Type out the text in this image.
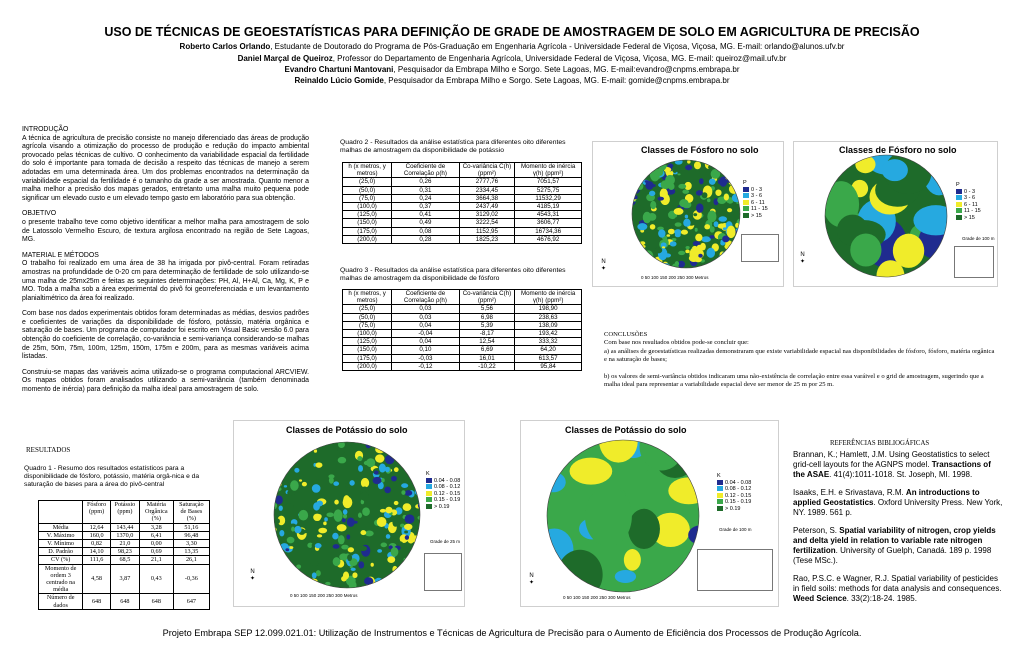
USO DE TÉCNICAS DE GEOESTATÍSTICAS PARA DEFINIÇÃO DE GRADE DE AMOSTRAGEM DE SOLO EM AGRICULTURA DE PRECISÃO
Roberto Carlos Orlando, Estudante de Doutorado do Programa de Pós-Graduação em Engenharia Agrícola - Universidade Federal de Viçosa, Viçosa, MG. E-mail: orlando@alunos.ufv.br
Daniel Marçal de Queiroz, Professor do Departamento de Engenharia Agrícola, Universidade Federal de Viçosa, Viçosa, MG. E-mail: queiroz@mail.ufv.br
Evandro Chartuni Mantovani, Pesquisador da Embrapa Milho e Sorgo. Sete Lagoas, MG. E-mail:evandro@cnpms.embrapa.br
Reinaldo Lúcio Gomide, Pesquisador da Embrapa Milho e Sorgo. Sete Lagoas, MG. E-mail: gomide@cnpms.embrapa.br

INTRODUÇÃO

A técnica de agricultura de precisão consiste no manejo diferenciado das áreas de produção agrícola visando a otimização do processo de produção e redução do impacto ambiental provocado pelas técnicas de cultivo. O conhecimento da variabilidade espacial da fertilidade do solo é importante para tomada de decisão a respeito das técnicas de manejo a serem adotadas em uma determinada área. Um dos problemas encontrados na determinação da variabilidade espacial da fertilidade é o tamanho da grade a ser amostrada. Quanto menor a malha melhor a precisão dos mapas gerados, entretanto uma malha muito pequena pode significar um elevado custo e um elevado tempo gasto em laboratório para sua obtenção.

OBJETIVO

o presente trabalho teve como objetivo identificar a melhor malha para amostragem de solo de Latossolo Vermelho Escuro, de textura argilosa encontrado na região de Sete Lagoas, MG.

MATERIAL E MÉTODOS

O trabalho foi realizado em uma área de 38 ha irrigada por pivô-central. Foram retiradas amostras na profundidade de 0-20 cm para determinação de fertilidade de solo utilizando-se uma malha de 25mx25m e feitas as seguintes determinações: PH, Al, H+Al, Ca, Mg, K, P e MO. Toda a malha sob a área experimental do pivô foi georreferenciada e um levantamento planialtimétrico da área foi realizado.

Com base nos dados experimentais obtidos foram determinadas as médias, desvios padrões e coeficientes de variações da disponibilidade de fósforo, potássio, matéria orgânica e saturação de bases. Um programa de computador foi escrito em Visual Basic versão 6.0 para obtenção do coeficiente de correlação, co-variância e semi-variança considerando-se malhas de 25m, 50m, 75m, 100m, 125m, 150m, 175m e 200m, para as mesmas variáveis acima listadas.

Construiu-se mapas das variáveis acima utilizado-se o programa computacional ARCVIEW. Os mapas obtidos foram analisados utilizando a semi-variância (também denominada momento de inércia) para definição da malha ideal para amostragem de solo.

RESULTADOS
Quadro 1 - Resumo dos resultados estatísticos para a disponibilidade de fósforo, potássio, matéria orgâ-nica e da saturação de bases para a área do pivô-central
	Fósforo (ppm)	Potássio (ppm)	Matéria Orgânica (%)	Saturação de Bases (%)
Média	12,64	143,44	3,28	51,16
V. Máximo	160,0	1370,0	6,41	96,48
V. Mínimo	0,82	21,0	0,00	3,30
D. Padrão	14,10	98,23	0,69	13,35
CV (%)	111,6	68,5	21,1	26,1
Momento de ordem 3 centrado na média	4,58	3,87	0,43	-0,36
Número de dados	648	648	648	647
Quadro 2 - Resultados da análise estatística para diferentes oito diferentes malhas de amostragem da disponibilidade de potássio
h (x metros, y metros)	Coeficiente de Correlação ρ(h)	Co-variância C(h) (ppm²)	Momento de inércia γ(h) (ppm²)
(25,0)	0,26	2777,76	7051,57
(50,0)	0,31	2334,45	5275,75
(75,0)	0,24	3664,38	11532,29
(100,0)	0,37	2437,49	4185,19
(125,0)	0,41	3129,02	4543,31
(150,0)	0,49	3222,54	3606,77
(175,0)	0,08	1152,95	16734,36
(200,0)	0,28	1825,23	4676,92
Quadro 3 - Resultados da análise estatística para diferentes oito diferentes malhas de amostragem da disponibilidade de fósforo
h (x metros, y metros)	Coeficiente de Correlação ρ(h)	Co-variância C(h) (ppm²)	Momento de inércia γ(h) (ppm²)
(25,0)	0,03	5,56	198,90
(50,0)	0,03	6,98	238,63
(75,0)	0,04	5,39	138,09
(100,0)	-0,04	-8,17	193,42
(125,0)	0,04	12,54	333,32
(150,0)	0,10	6,69	64,20
(175,0)	-0,03	16,01	613,57
(200,0)	-0,12	-10,22	95,84
Classes de Fósforo no solo
P
0 - 3
3 - 6
6 - 11
11 - 15
> 15
N
✦
0 50 100 150 200 250 300 Metros
Classes de Fósforo no solo
P
0 - 3
3 - 6
6 - 11
11 - 15
> 15
Grade de 100 m
N
✦
Classes de Potássio do solo
K
0.04 - 0.08
0.08 - 0.12
0.12 - 0.15
0.15 - 0.19
> 0.19
Grade de 25 m
N
✦
0 50 100 150 200 250 300 Metros
Classes de Potássio do solo
K
0.04 - 0.08
0.08 - 0.12
0.12 - 0.15
0.15 - 0.19
> 0.19
Grade de 100 m
N
✦
0 50 100 150 200 250 300 Metros
CONCLUSÕES
Com base nos resultados obtidos pode-se concluir que:
a) as análises de geoestatísticas realizadas demonstraram que existe variabilidade espacial nas disponibilidades de fósforo, fósforo, matéria orgânica e na saturação de bases;
b) os valores de semi-variância obtidos indicaram uma não-existência de correlação entre essa varáivel e o grid de amostragem, sugerindo que a malha ideal para representar a variabilidade espacial deve ser menor de 25 m por 25 m.
REFERÊNCIAS BIBLIOGÁFICAS

Brannan, K.; Hamlett, J.M. Using Geostatistics to select grid-cell layouts for the AGNPS model. Transactions of the ASAE. 41(4):1011-1018. St. Joseph, MI. 1998.

Isaaks, E.H. e Srivastava, R.M. An introductions to applied Geostatistics. Oxford University Press. New York, NY. 1989. 561 p.

Peterson, S. Spatial variability of nitrogen, crop yields and delta yield in relation to variable rate nitrogen fertilization. University of Guelph, Canadá. 189 p. 1998 (Tese MSc.).

Rao, P.S.C. e Wagner, R.J. Spatial variability of pesticides in field soils: methods for data analysis and consequences. Weed Science. 33(2):18-24. 1985.

Projeto Embrapa SEP 12.099.021.01: Utilização de Instrumentos e Técnicas de Agricultura de Precisão para o Aumento de Eficiência dos Processos de Produção Agrícola.
